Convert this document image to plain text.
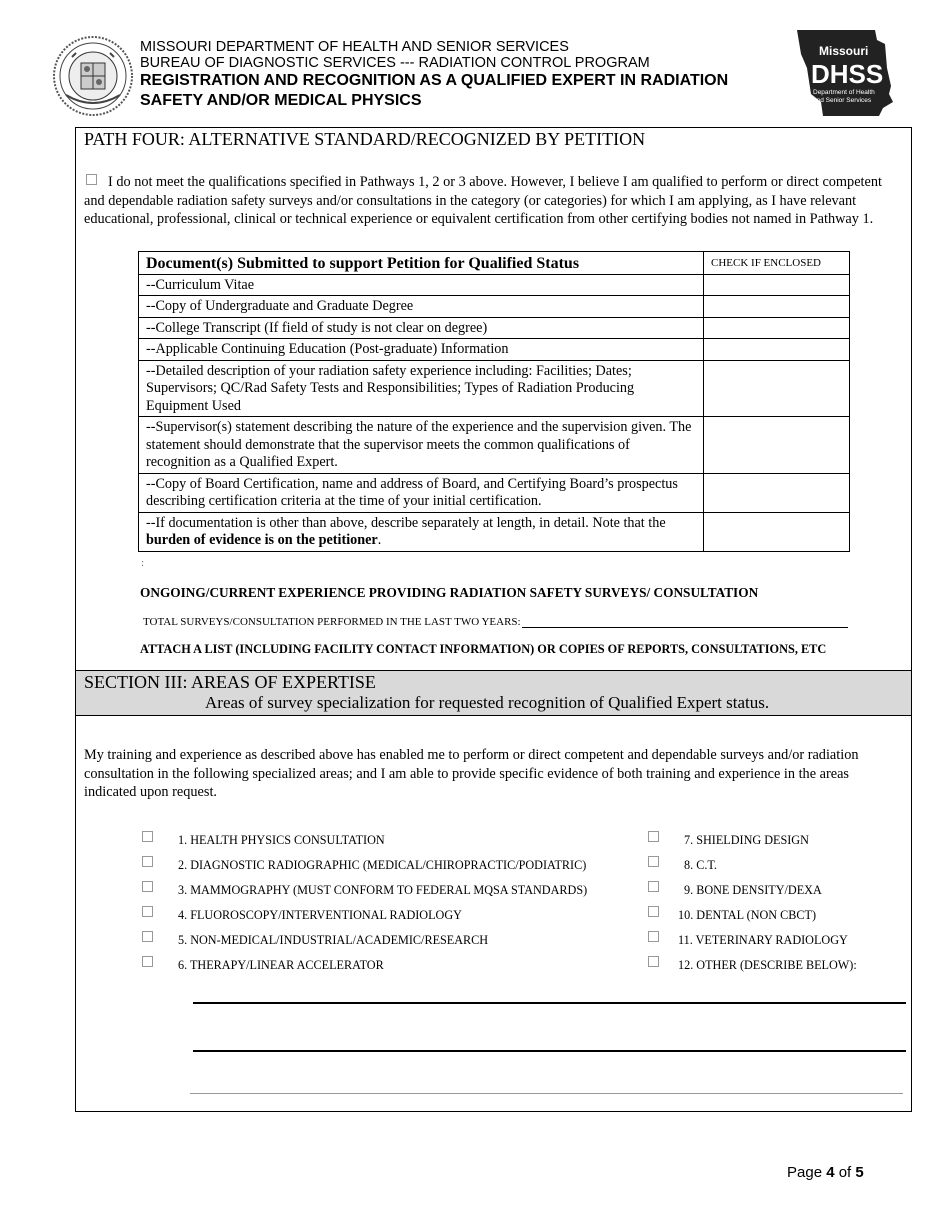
MISSOURI DEPARTMENT OF HEALTH AND SENIOR SERVICES
BUREAU OF DIAGNOSTIC SERVICES --- RADIATION CONTROL PROGRAM
REGISTRATION AND RECOGNITION AS A QUALIFIED EXPERT IN RADIATION
SAFETY AND/OR MEDICAL PHYSICS
Missouri
DHSS
Department of Health
and Senior Services
PATH FOUR: ALTERNATIVE STANDARD/RECOGNIZED BY PETITION
I do not meet the qualifications specified in Pathways 1, 2 or 3 above. However, I believe I am qualified to perform or direct competent and dependable radiation safety surveys and/or consultations in the category (or categories) for which I am applying, as I have relevant educational, professional, clinical or technical experience or equivalent certification from other certifying bodies not named in Pathway 1.
Document(s) Submitted to support Petition for Qualified Status	CHECK IF ENCLOSED
--Curriculum Vitae	
--Copy of Undergraduate and Graduate Degree	
--College Transcript (If field of study is not clear on degree)	
--Applicable Continuing Education (Post-graduate) Information	
--Detailed description of your radiation safety experience including: Facilities; Dates; Supervisors; QC/Rad Safety Tests and Responsibilities; Types of Radiation Producing Equipment Used	
--Supervisor(s) statement describing the nature of the experience and the supervision given. The statement should demonstrate that the supervisor meets the common qualifications of recognition as a Qualified Expert.	
--Copy of Board Certification, name and address of Board, and Certifying Board’s prospectus describing certification criteria at the time of your initial certification.	
--If documentation is other than above, describe separately at length, in detail. Note that the burden of evidence is on the petitioner.	
:
ONGOING/CURRENT EXPERIENCE PROVIDING RADIATION SAFETY SURVEYS/ CONSULTATION
TOTAL SURVEYS/CONSULTATION PERFORMED IN THE LAST TWO YEARS:
ATTACH A LIST (INCLUDING FACILITY CONTACT INFORMATION) OR COPIES OF REPORTS, CONSULTATIONS, ETC
SECTION III: AREAS OF EXPERTISE
Areas of survey specialization for requested recognition of Qualified Expert status.
My training and experience as described above has enabled me to perform or direct competent and dependable surveys and/or radiation consultation in the following specialized areas; and I am able to provide specific evidence of both training and experience in the areas indicated upon request.
1. HEALTH PHYSICS CONSULTATION
2. DIAGNOSTIC RADIOGRAPHIC (MEDICAL/CHIROPRACTIC/PODIATRIC)
3. MAMMOGRAPHY (MUST CONFORM TO FEDERAL MQSA STANDARDS)
4. FLUOROSCOPY/INTERVENTIONAL RADIOLOGY
5. NON-MEDICAL/INDUSTRIAL/ACADEMIC/RESEARCH
6. THERAPY/LINEAR ACCELERATOR
7. SHIELDING DESIGN
8. C.T.
9. BONE DENSITY/DEXA
10. DENTAL (NON CBCT)
11. VETERINARY RADIOLOGY
12. OTHER (DESCRIBE BELOW):
Page 4 of 5
